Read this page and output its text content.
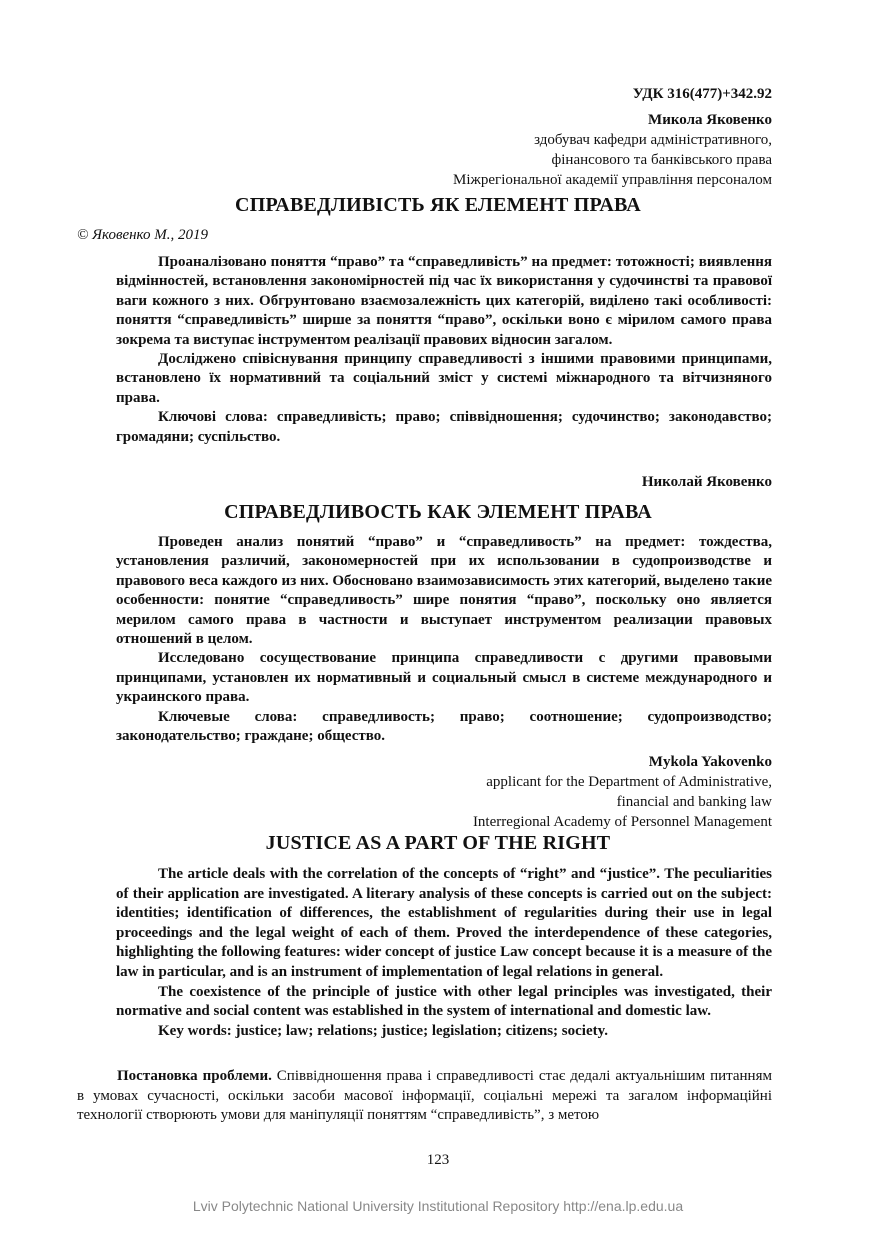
УДК 316(477)+342.92
Микола Яковенко
здобувач кафедри адміністративного,
фінансового та банківського права
Міжрегіональної академії управління персоналом
СПРАВЕДЛИВІСТЬ ЯК ЕЛЕМЕНТ ПРАВА
© Яковенко М., 2019

Проаналізовано поняття “право” та “справедливість” на предмет: тотожності; виявлення відмінностей, встановлення закономірностей під час їх використання у судочинстві та правової ваги кожного з них. Обгрунтовано взаємозалежність цих категорій, виділено такі особливості: поняття “справедливість” ширше за поняття “право”, оскільки воно є мірилом самого права зокрема та виступає інструментом реалізації правових відносин загалом.

Досліджено співіснування принципу справедливості з іншими правовими принципами, встановлено їх нормативний та соціальний зміст у системі міжнародного та вітчизняного права.

Ключові слова: справедливість; право; співвідношення; судочинство; законодавство; громадяни; суспільство.

Николай Яковенко
СПРАВЕДЛИВОСТЬ КАК ЭЛЕМЕНТ ПРАВА

Проведен анализ понятий “право” и “справедливость” на предмет: тождества, установления различий, закономерностей при их использовании в судопроизводстве и правового веса каждого из них. Обосновано взаимозависимость этих категорий, выделено такие особенности: понятие “справедливость” шире понятия “право”, поскольку оно является мерилом самого права в частности и выступает инструментом реализации правовых отношений в целом.

Исследовано сосуществование принципа справедливости с другими правовыми принципами, установлен их нормативный и социальный смысл в системе международного и украинского права.

Ключевые слова: справедливость; право; соотношение; судопроизводство; законодательство; граждане; общество.

Mykola Yakovenko
applicant for the Department of Administrative,
financial and banking law
Interregional Academy of Personnel Management
JUSTICE AS A PART OF THE RIGHT

The article deals with the correlation of the concepts of “right” and “justice”. The peculiarities of their application are investigated. A literary analysis of these concepts is carried out on the subject: identities; identification of differences, the establishment of regularities during their use in legal proceedings and the legal weight of each of them. Proved the interdependence of these categories, highlighting the following features: wider concept of justice Law concept because it is a measure of the law in particular, and is an instrument of implementation of legal relations in general.

The coexistence of the principle of justice with other legal principles was investigated, their normative and social content was established in the system of international and domestic law.

Key words: justice; law; relations; justice; legislation; citizens; society.

Постановка проблеми. Співвідношення права і справедливості стає дедалі актуальнішим питанням в умовах сучасності, оскільки засоби масової інформації, соціальні мережі та загалом інформаційні технології створюють умови для маніпуляції поняттям “справедливість”, з метою

123
Lviv Polytechnic National University Institutional Repository http://ena.lp.edu.ua
